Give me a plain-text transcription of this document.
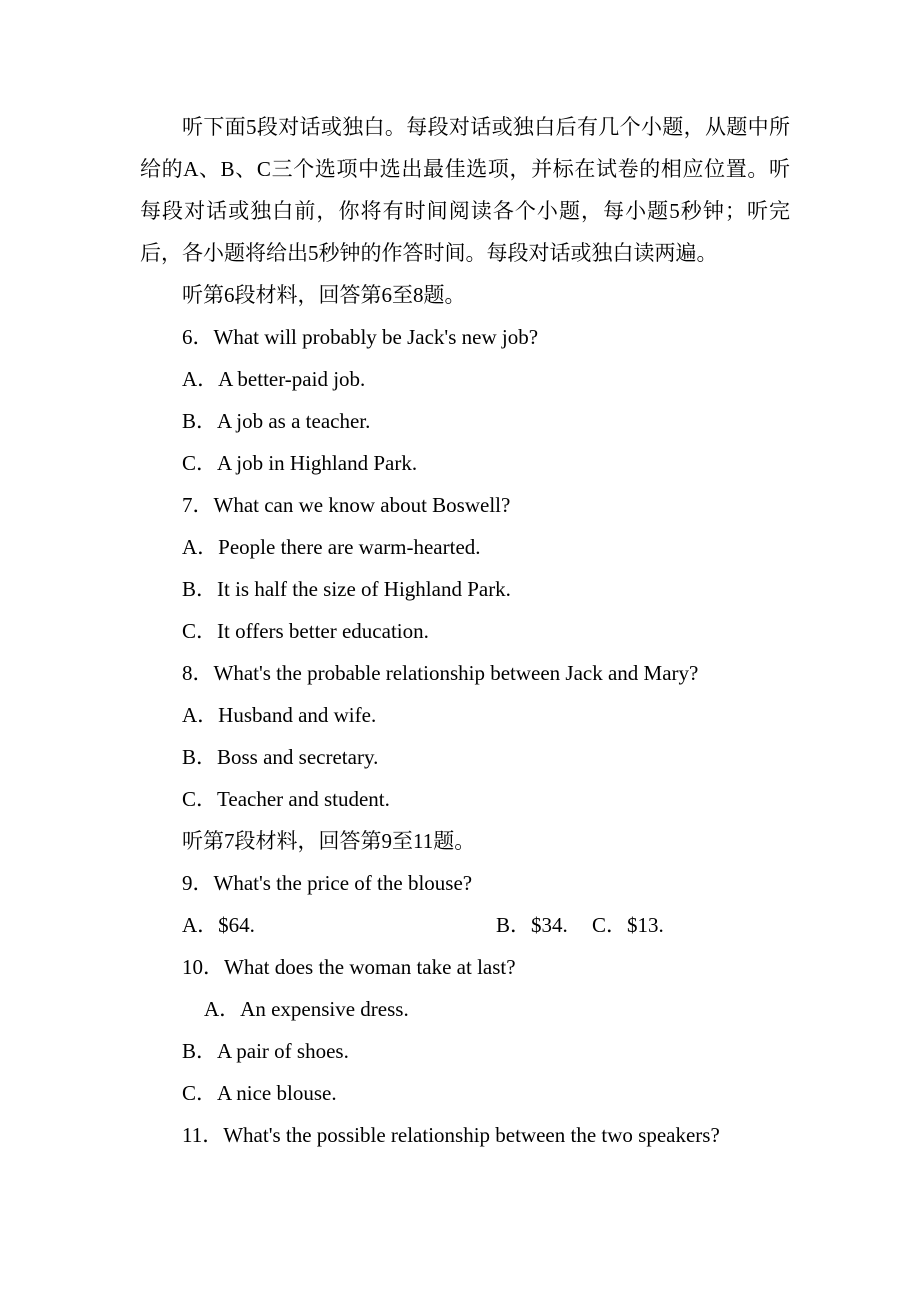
听下面5段对话或独白。每段对话或独白后有几个小题，从题中所给的A、B、C三个选项中选出最佳选项，并标在试卷的相应位置。听每段对话或独白前，你将有时间阅读各个小题，每小题5秒钟；听完后，各小题将给出5秒钟的作答时间。每段对话或独白读两遍。

听第6段材料，回答第6至8题。

6．What will probably be Jack's new job?

A．A better-paid job.

B．A job as a teacher.

C．A job in Highland Park.

7．What can we know about Boswell?

A．People there are warm-hearted.

B．It is half the size of Highland Park.

C．It offers better education.

8．What's the probable relationship between Jack and Mary?

A．Husband and wife.

B．Boss and secretary.

C．Teacher and student.

听第7段材料，回答第9至11题。

9．What's the price of the blouse?

A．$64.	B．$34. C．$13.

10．What does the woman take at last?

A．An expensive dress.

B．A pair of shoes.

C．A nice blouse.

11．What's the possible relationship between the two speakers?
